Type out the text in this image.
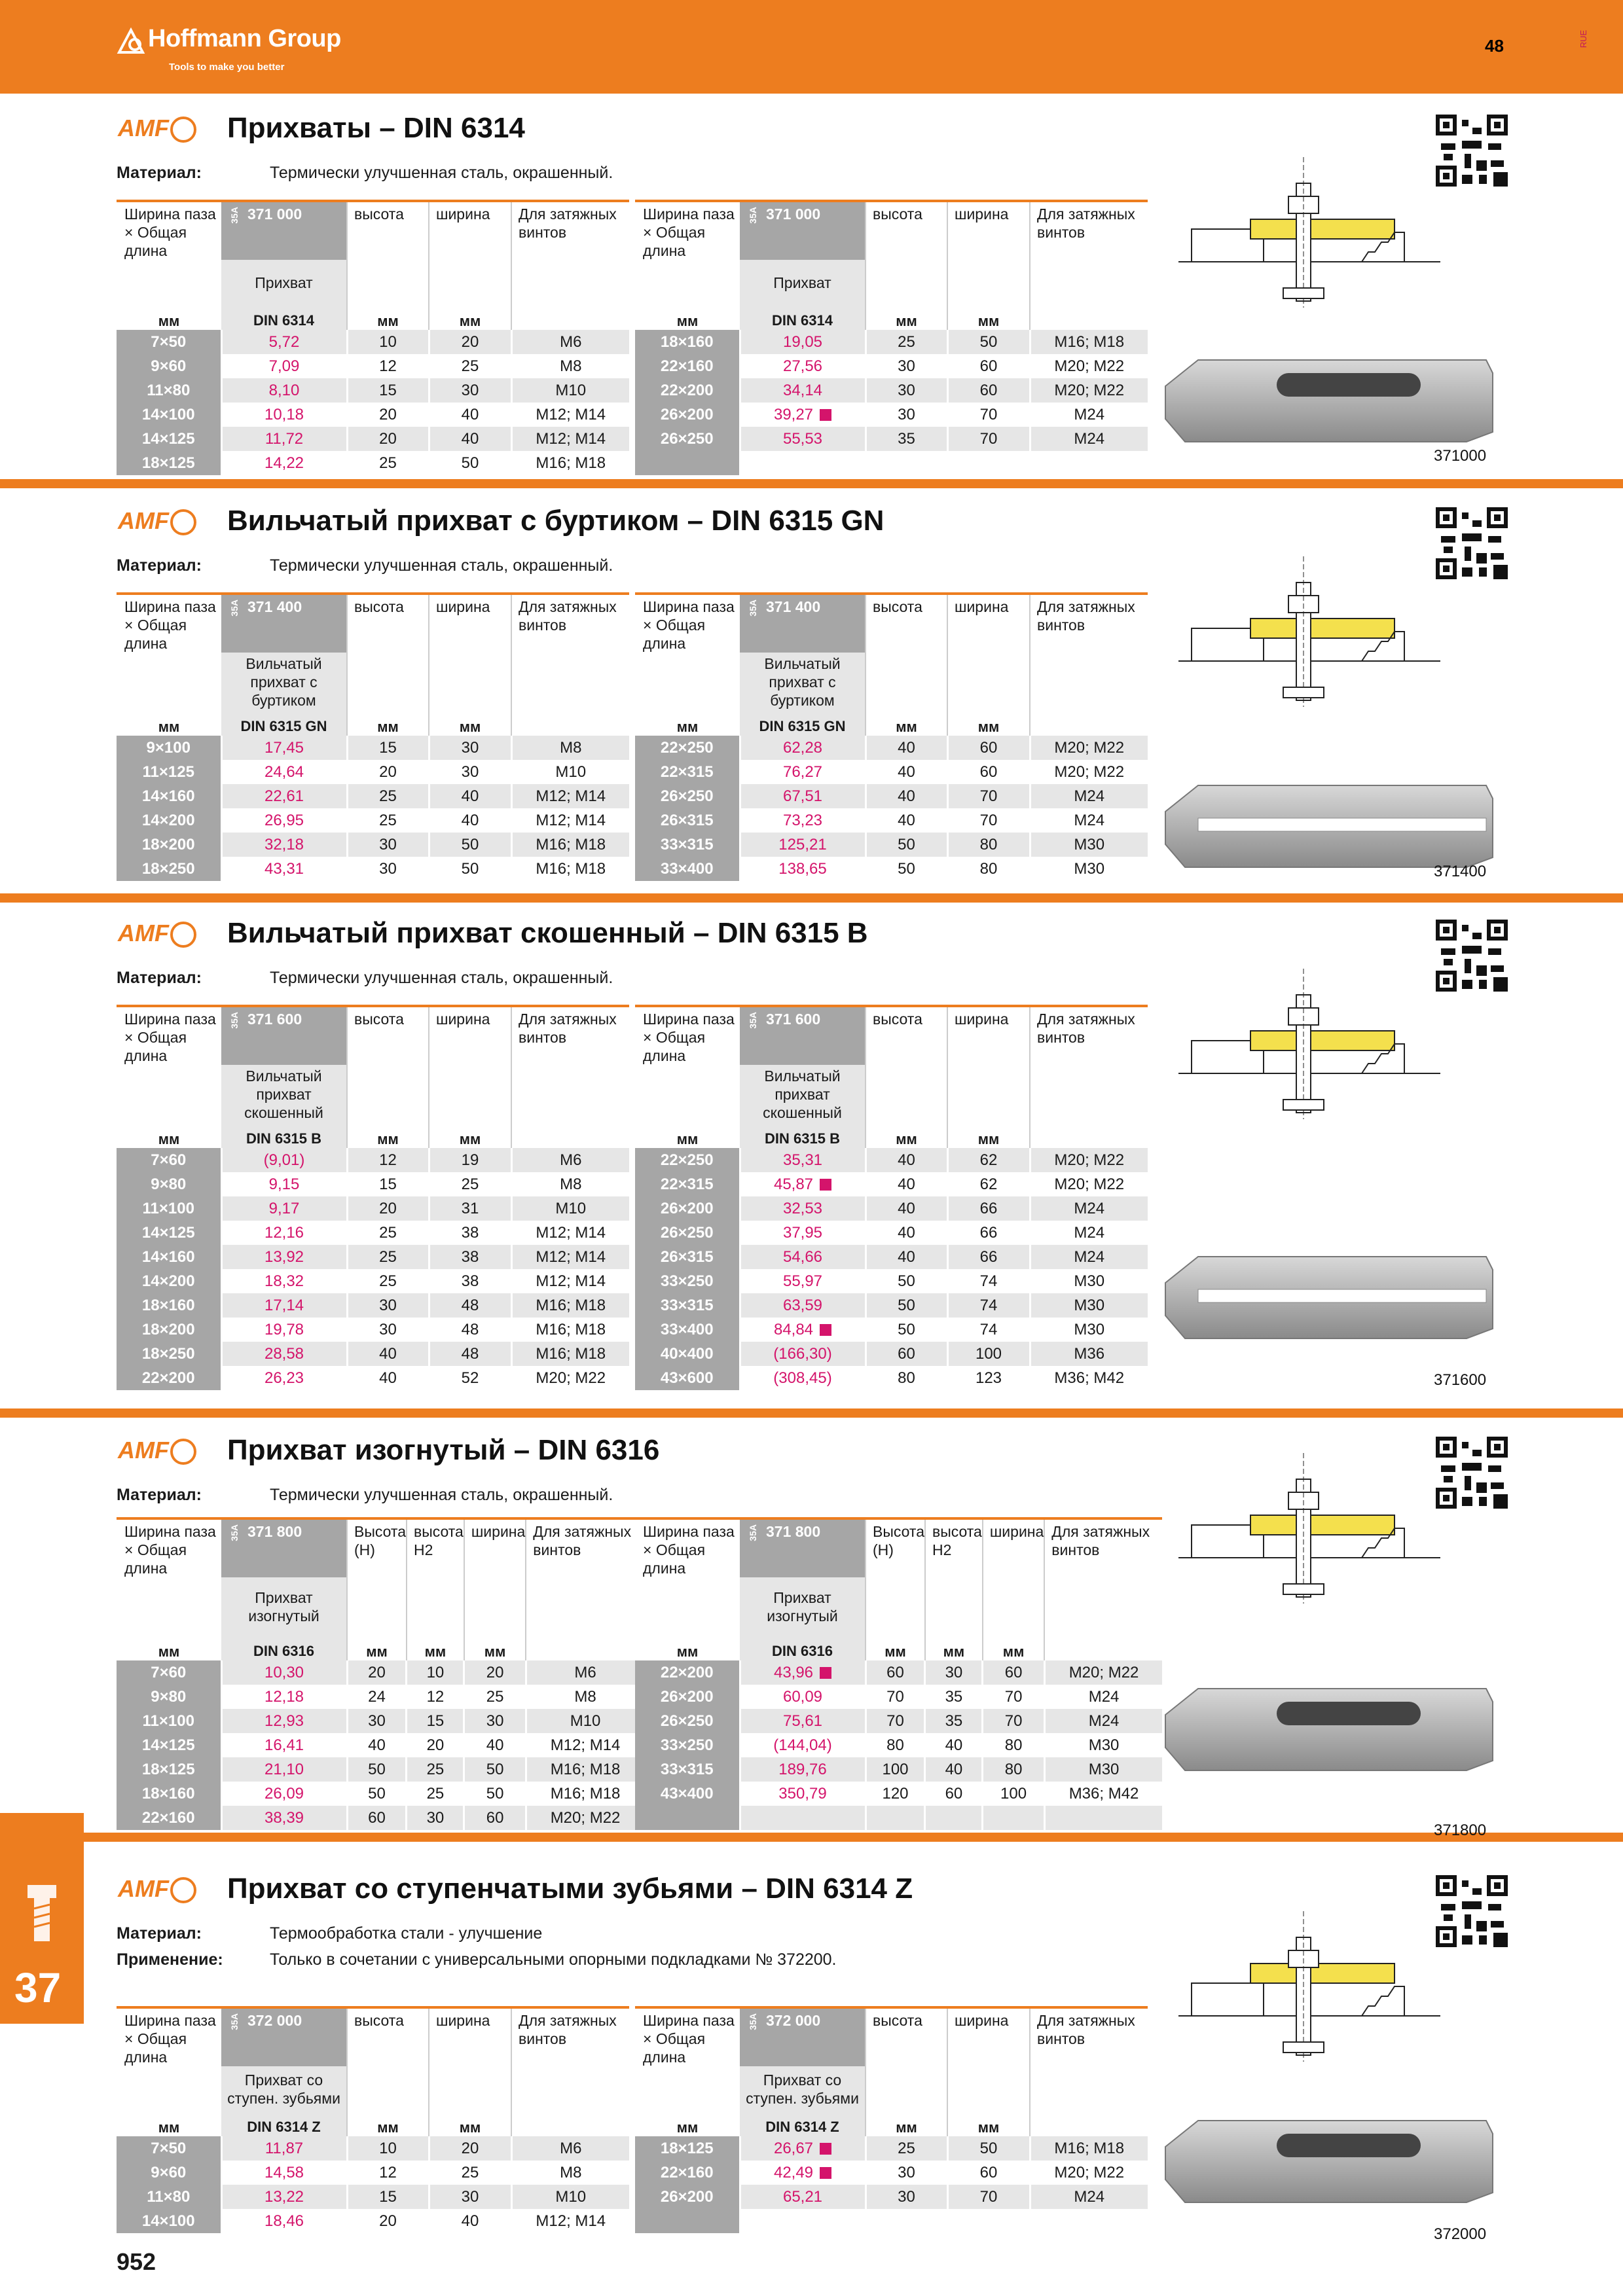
Hoffmann Group
Tools to make you better
48	RUE
37
AMF	Прихваты – DIN 6314
Материал:	Термически улучшенная сталь, окрашенный.
371000
Ширина паза × Общая длина	35A 371 000	высота	ширина	Для затяжных винтов
	Прихват			
мм	DIN 6314	мм	мм	
7×50	5,72	10	20	M6
9×60	7,09	12	25	M8
11×80	8,10	15	30	M10
14×100	10,18	20	40	M12; M14
14×125	11,72	20	40	M12; M14
18×125	14,22	25	50	M16; M18
Ширина паза × Общая длина	35A 371 000	высота	ширина	Для затяжных винтов
	Прихват			
мм	DIN 6314	мм	мм	
18×160	19,05	25	50	M16; M18
22×160	27,56	30	60	M20; M22
22×200	34,14	30	60	M20; M22
26×200	39,27	30	70	M24
26×250	55,53	35	70	M24

AMF	Вильчатый прихват с буртиком – DIN 6315 GN
Материал:	Термически улучшенная сталь, окрашенный.
371400
Ширина паза × Общая длина	35A 371 400	высота	ширина	Для затяжных винтов
	Вильчатый прихват с буртиком			
мм	DIN 6315 GN	мм	мм	
9×100	17,45	15	30	M8
11×125	24,64	20	30	M10
14×160	22,61	25	40	M12; M14
14×200	26,95	25	40	M12; M14
18×200	32,18	30	50	M16; M18
18×250	43,31	30	50	M16; M18
Ширина паза × Общая длина	35A 371 400	высота	ширина	Для затяжных винтов
	Вильчатый прихват с буртиком			
мм	DIN 6315 GN	мм	мм	
22×250	62,28	40	60	M20; M22
22×315	76,27	40	60	M20; M22
26×250	67,51	40	70	M24
26×315	73,23	40	70	M24
33×315	125,21	50	80	M30
33×400	138,65	50	80	M30
AMF	Вильчатый прихват скошенный – DIN 6315 B
Материал:	Термически улучшенная сталь, окрашенный.
371600
Ширина паза × Общая длина	35A 371 600	высота	ширина	Для затяжных винтов
	Вильчатый прихват скошенный			
мм	DIN 6315 B	мм	мм	
7×60	(9,01)	12	19	M6
9×80	9,15	15	25	M8
11×100	9,17	20	31	M10
14×125	12,16	25	38	M12; M14
14×160	13,92	25	38	M12; M14
14×200	18,32	25	38	M12; M14
18×160	17,14	30	48	M16; M18
18×200	19,78	30	48	M16; M18
18×250	28,58	40	48	M16; M18
22×200	26,23	40	52	M20; M22
Ширина паза × Общая длина	35A 371 600	высота	ширина	Для затяжных винтов
	Вильчатый прихват скошенный			
мм	DIN 6315 B	мм	мм	
22×250	35,31	40	62	M20; M22
22×315	45,87	40	62	M20; M22
26×200	32,53	40	66	M24
26×250	37,95	40	66	M24
26×315	54,66	40	66	M24
33×250	55,97	50	74	M30
33×315	63,59	50	74	M30
33×400	84,84	50	74	M30
40×400	(166,30)	60	100	M36
43×600	(308,45)	80	123	M36; M42
AMF	Прихват изогнутый – DIN 6316
Материал:	Термически улучшенная сталь, окрашенный.
371800
Ширина паза × Общая длина	35A 371 800	Высота (H)	высота H2	ширина	Для затяжных винтов
	Прихват изогнутый				
мм	DIN 6316	мм	мм	мм	
7×60	10,30	20	10	20	M6
9×80	12,18	24	12	25	M8
11×100	12,93	30	15	30	M10
14×125	16,41	40	20	40	M12; M14
18×125	21,10	50	25	50	M16; M18
18×160	26,09	50	25	50	M16; M18
22×160	38,39	60	30	60	M20; M22
Ширина паза × Общая длина	35A 371 800	Высота (H)	высота H2	ширина	Для затяжных винтов
	Прихват изогнутый				
мм	DIN 6316	мм	мм	мм	
22×200	43,96	60	30	60	M20; M22
26×200	60,09	70	35	70	M24
26×250	75,61	70	35	70	M24
33×250	(144,04)	80	40	80	M30
33×315	189,76	100	40	80	M30
43×400	350,79	120	60	100	M36; M42

AMF	Прихват со ступенчатыми зубьями – DIN 6314 Z
Материал:	Термообработка стали - улучшение
Применение:	Только в сочетании с универсальными опорными подкладками № 372200.
372000
Ширина паза × Общая длина	35A 372 000	высота	ширина	Для затяжных винтов
	Прихват со ступен. зубьями			
мм	DIN 6314 Z	мм	мм	
7×50	11,87	10	20	M6
9×60	14,58	12	25	M8
11×80	13,22	15	30	M10
14×100	18,46	20	40	M12; M14
Ширина паза × Общая длина	35A 372 000	высота	ширина	Для затяжных винтов
	Прихват со ступен. зубьями			
мм	DIN 6314 Z	мм	мм	
18×125	26,67	25	50	M16; M18
22×160	42,49	30	60	M20; M22
26×200	65,21	30	70	M24

952
